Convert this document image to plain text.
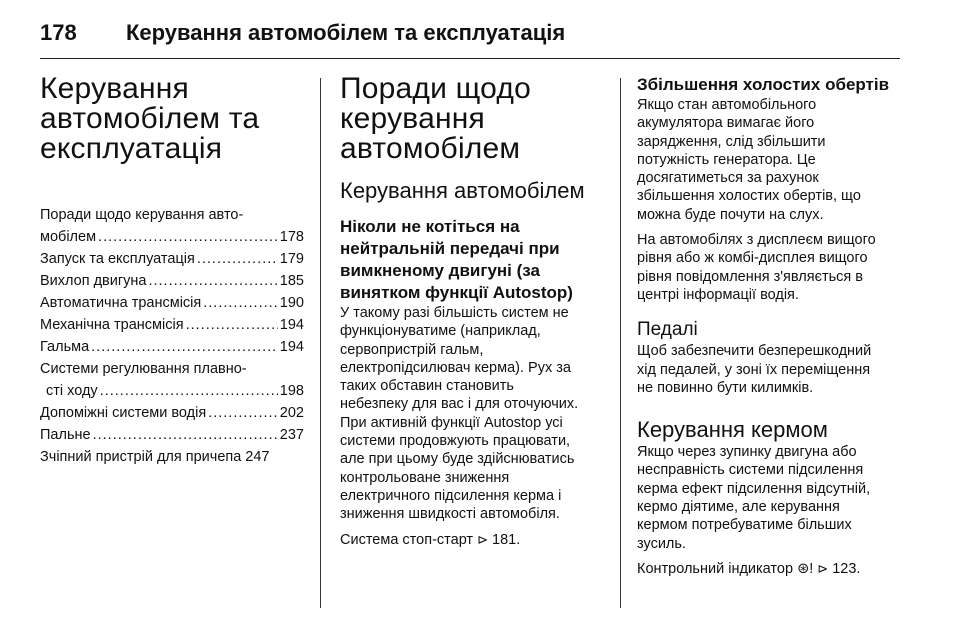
178	Керування автомобілем та експлуатація
Керування
автомобілем та
експлуатація
Поради щодо керування авто-
мобілем .....	178
Запуск та експлуатація .....	179
Вихлоп двигуна .....	185
Автоматична трансмісія .....	190
Механічна трансмісія .....	194
Гальма .....	194
Системи регулювання плавно-
сті ходу .....	198
Допоміжні системи водія .....	202
Пальне .....	237
Зчіпний пристрій для причепа 247
Поради щодо
керування
автомобілем
Керування автомобілем
Ніколи не котіться на
нейтральній передачі при
вимкненому двигуні (за
винятком функції Autostop)
У такому разі більшість систем не
функціонуватиме (наприклад,
сервопристрій гальм,
електропідсилювач керма). Рух за
таких обставин становить
небезпеку для вас і для оточуючих.
При активній функції Autostop усі
системи продовжують працювати,
але при цьому буде здійснюватись
контрольоване зниження
електричного підсилення керма і
зниження швидкості автомобіля.
Система стоп-старт ⊳ 181.
Збільшення холостих обертів
Якщо стан автомобільного
акумулятора вимагає його
зарядження, слід збільшити
потужність генератора. Це
досягатиметься за рахунок
збільшення холостих обертів, що
можна буде почути на слух.
На автомобілях з дисплеєм вищого
рівня або ж комбі-дисплея вищого
рівня повідомлення з'являється в
центрі інформації водія.
Педалі
Щоб забезпечити безперешкодний
хід педалей, у зоні їх переміщення
не повинно бути килимків.
Керування кермом
Якщо через зупинку двигуна або
несправність системи підсилення
керма ефект підсилення відсутній,
кермо діятиме, але керування
кермом потребуватиме більших
зусиль.
Контрольний індикатор ⊛! ⊳ 123.
